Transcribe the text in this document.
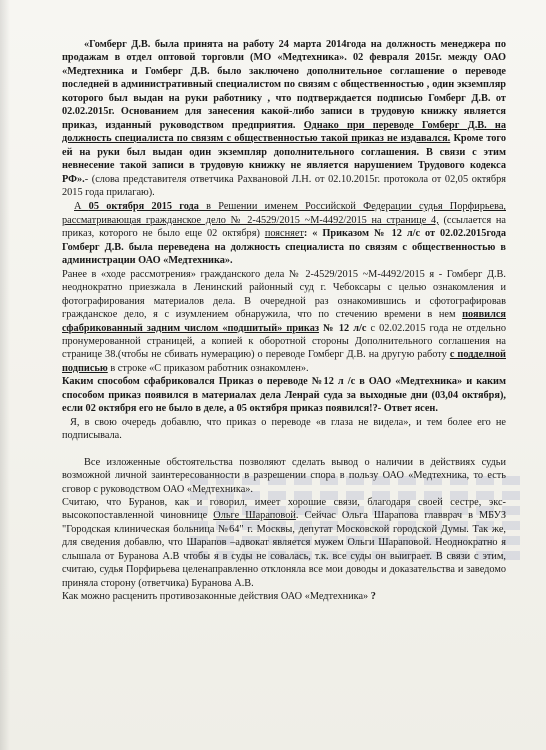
«Гомберг Д.В. была принята на работу 24 марта 2014года на должность менеджера по продажам в отдел оптовой торговли (МО «Медтехника». 02 февраля 2015г. между ОАО «Медтехника и Гомберг Д.В. было заключено дополнительное соглашение о переводе последней в административный специалистом по связям с общественностью , один экземпляр которого был выдан на руки работнику , что подтверждается подписью Гомберг Д.В. от 02.02.2015г. Основанием для занесения какой-либо записи в трудовую книжку является приказ, изданный руководством предприятия. Однако при переводе Гомберг Д.В. на должность специалиста по связям с общественностью такой приказ не издавался. Кроме того ей на руки был выдан один экземпляр дополнительного соглашения. В связи с этим невнесение такой записи в трудовую книжку не является нарушением Трудового кодекса РФ».- (слова представителя ответчика Рахвановой Л.Н. от 02.10.2015г. протокола от 02,05 октября 2015 года прилагаю).

А 05 октября 2015 года в Решении именем Российской Федерации судья Порфирьева, рассматривающая гражданское дело № 2-4529/2015 ~М-4492/2015 на странице 4, (ссылается на приказ, которого не было еще 02 октября) поясняет: « Приказом № 12 л/с от 02.02.2015года Гомберг Д.В. была переведена на должность специалиста по связям с общественностью в администрации ОАО «Медтехника».

Ранее в «ходе рассмотрения» гражданского дела № 2-4529/2015 ~М-4492/2015 я - Гомберг Д.В. неоднократно приезжала в Ленинский районный суд г. Чебоксары с целью ознакомления и фотографирования материалов дела. В очередной раз ознакомившись и сфотографировав гражданское дело, я с изумлением обнаружила, что по стечению времени в нем появился сфабрикованный задним числом «подшитый» приказ № 12 л/с с 02.02.2015 года не отдельно пронумерованной страницей, а копией к оборотной стороны Дополнительного соглашения на странице 38.(чтобы не сбивать нумерацию) о переводе Гомберг Д.В. на другую работу с подделной подписью в строке «С приказом работник ознакомлен».

Каким способом сфабриковался Приказ о переводе №12 л /с в ОАО «Медтехника» и каким способом приказ появился в материалах дела Ленрай суда за выходные дни (03,04 октября), если 02 октября его не было в деле, а 05 октября приказ появился!?- Ответ ясен.

Я, в свою очередь добавлю, что приказ о переводе «в глаза не видела», и тем более его не подписывала.

Все изложенные обстоятельства позволяют сделать вывод о наличии в действиях судьи возможной личной заинтересованности в разрешении спора в пользу ОАО «Медтехника, то есть сговор с руководством ОАО «Медтехника».

Считаю, что Буранов, как и говорил, имеет хорошие связи, благодаря своей сестре, экс-высокопоставленной чиновнице Ольге Шараповой. Сейчас Ольга Шарапова главврач в МБУЗ "Городская клиническая больница №64" г. Москвы, депутат Московской городской Думы. Так же, для сведения добавлю, что Шарапов –адвокат является мужем Ольги Шараповой. Неоднократно я слышала от Буранова А.В чтобы я в суды не совалась, т.к. все суды он выиграет. В связи с этим, считаю, судья Порфирьева целенаправленно отклоняла все мои доводы и доказательства и заведомо приняла сторону (ответчика) Буранова А.В.

Как можно расценить противозаконные действия ОАО «Медтехника» ?
